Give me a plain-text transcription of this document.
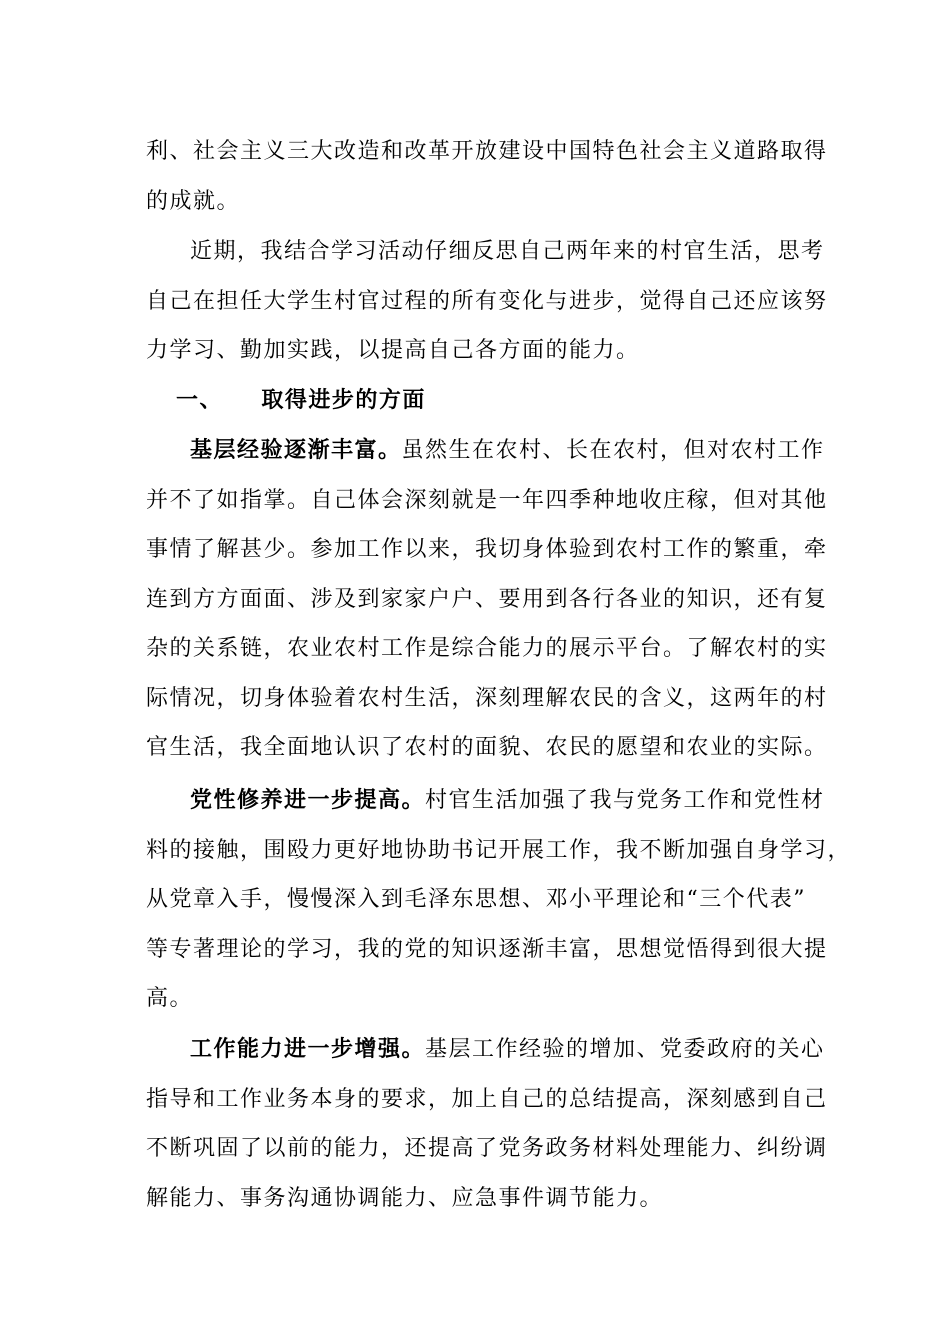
利、社会主义三大改造和改革开放建设中国特色社会主义道路取得
的成就。
近期，我结合学习活动仔细反思自己两年来的村官生活，思考
自己在担任大学生村官过程的所有变化与进步，觉得自己还应该努
力学习、勤加实践，以提高自己各方面的能力。
一、 取得进步的方面
基层经验逐渐丰富。虽然生在农村、长在农村，但对农村工作
并不了如指掌。自己体会深刻就是一年四季种地收庄稼，但对其他
事情了解甚少。参加工作以来，我切身体验到农村工作的繁重，牵
连到方方面面、涉及到家家户户、要用到各行各业的知识，还有复
杂的关系链，农业农村工作是综合能力的展示平台。了解农村的实
际情况，切身体验着农村生活，深刻理解农民的含义，这两年的村
官生活，我全面地认识了农村的面貌、农民的愿望和农业的实际。
党性修养进一步提高。村官生活加强了我与党务工作和党性材
料的接触，围殴力更好地协助书记开展工作，我不断加强自身学习，
从党章入手，慢慢深入到毛泽东思想、邓小平理论和“三个代表”
等专著理论的学习，我的党的知识逐渐丰富，思想觉悟得到很大提
高。
工作能力进一步增强。基层工作经验的增加、党委政府的关心
指导和工作业务本身的要求，加上自己的总结提高，深刻感到自己
不断巩固了以前的能力，还提高了党务政务材料处理能力、纠纷调
解能力、事务沟通协调能力、应急事件调节能力。
